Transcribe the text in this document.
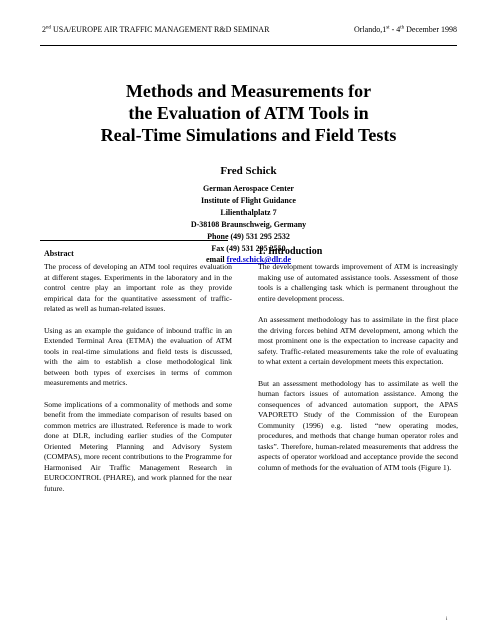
2nd USA/EUROPE AIR TRAFFIC MANAGEMENT R&D SEMINAR	Orlando,1st - 4th December 1998
Methods and Measurements for
the Evaluation of ATM Tools in
Real-Time Simulations and Field Tests
Fred Schick
German Aerospace Center
Institute of Flight Guidance
Lilienthalplatz 7
D-38108 Braunschweig, Germany
Phone (49) 531 295 2532
Fax (49) 531 295 2550
email fred.schick@dlr.de
Abstract

The process of developing an ATM tool requires evaluation at different stages. Experiments in the laboratory and in the control centre play an important role as they provide empirical data for the quantitative assessment of traffic-related as well as human-related issues.

Using as an example the guidance of inbound traffic in an Extended Terminal Area (ETMA) the evaluation of ATM tools in real-time simulations and field tests is discussed, with the aim to establish a close methodological link between both types of exercises in terms of common measurements and metrics.

Some implications of a commonality of methods and some benefit from the immediate comparison of results based on common metrics are illustrated. Reference is made to work done at DLR, including earlier studies of the Computer Oriented Metering Planning and Advisory System (COMPAS), more recent contributions to the Programme for Harmonised Air Traffic Management Research in EUROCONTROL (PHARE), and work planned for the near future.

1. Introduction

The development towards improvement of ATM is increasingly making use of automated assistance tools. Assessment of those tools is a challenging task which is permanent throughout the entire development process.

An assessment methodology has to assimilate in the first place the driving forces behind ATM development, among which the most prominent one is the expectation to increase capacity and safety. Traffic-related measurements take the role of evaluating to what extent a certain development meets this expectation.

But an assessment methodology has to assimilate as well the human factors issues of automation assistance. Among the consequences of advanced automation support, the APAS VAPORETO Study of the Commission of the European Community (1996) e.g. listed “new operating modes, procedures, and methods that change human operator roles and tasks”. Therefore, human-related measurements that address the aspects of operator workload and acceptance provide the second column of methods for the evaluation of ATM tools (Figure 1).

i
